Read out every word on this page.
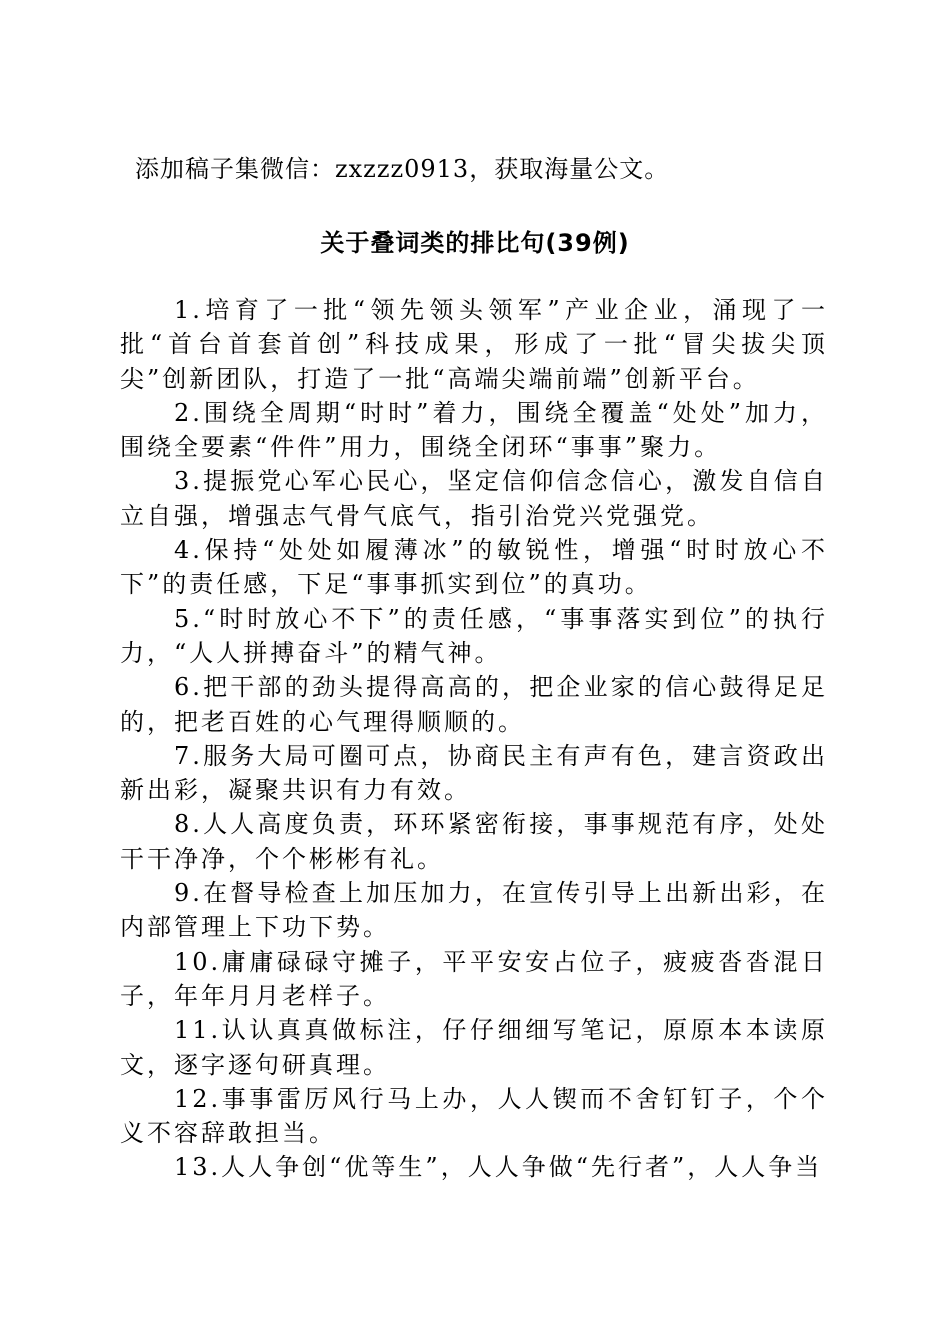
添加稿子集微信：zxzzz0913，获取海量公文。
关于叠词类的排比句(39例)

1.培育了一批“领先领头领军”产业企业，涌现了一批“首台首套首创”科技成果，形成了一批“冒尖拔尖顶尖”创新团队，打造了一批“高端尖端前端”创新平台。

2.围绕全周期“时时”着力，围绕全覆盖“处处”加力，围绕全要素“件件”用力，围绕全闭环“事事”聚力。

3.提振党心军心民心，坚定信仰信念信心，激发自信自立自强，增强志气骨气底气，指引治党兴党强党。

4.保持“处处如履薄冰”的敏锐性，增强“时时放心不下”的责任感，下足“事事抓实到位”的真功。

5.“时时放心不下”的责任感，“事事落实到位”的执行力，“人人拼搏奋斗”的精气神。

6.把干部的劲头提得高高的，把企业家的信心鼓得足足的，把老百姓的心气理得顺顺的。

7.服务大局可圈可点，协商民主有声有色，建言资政出新出彩，凝聚共识有力有效。

8.人人高度负责，环环紧密衔接，事事规范有序，处处干干净净，个个彬彬有礼。

9.在督导检查上加压加力，在宣传引导上出新出彩，在内部管理上下功下势。

10.庸庸碌碌守摊子，平平安安占位子，疲疲沓沓混日子，年年月月老样子。

11.认认真真做标注，仔仔细细写笔记，原原本本读原文，逐字逐句研真理。

12.事事雷厉风行马上办，人人锲而不舍钉钉子，个个义不容辞敢担当。

13.人人争创“优等生”，人人争做“先行者”，人人争当
